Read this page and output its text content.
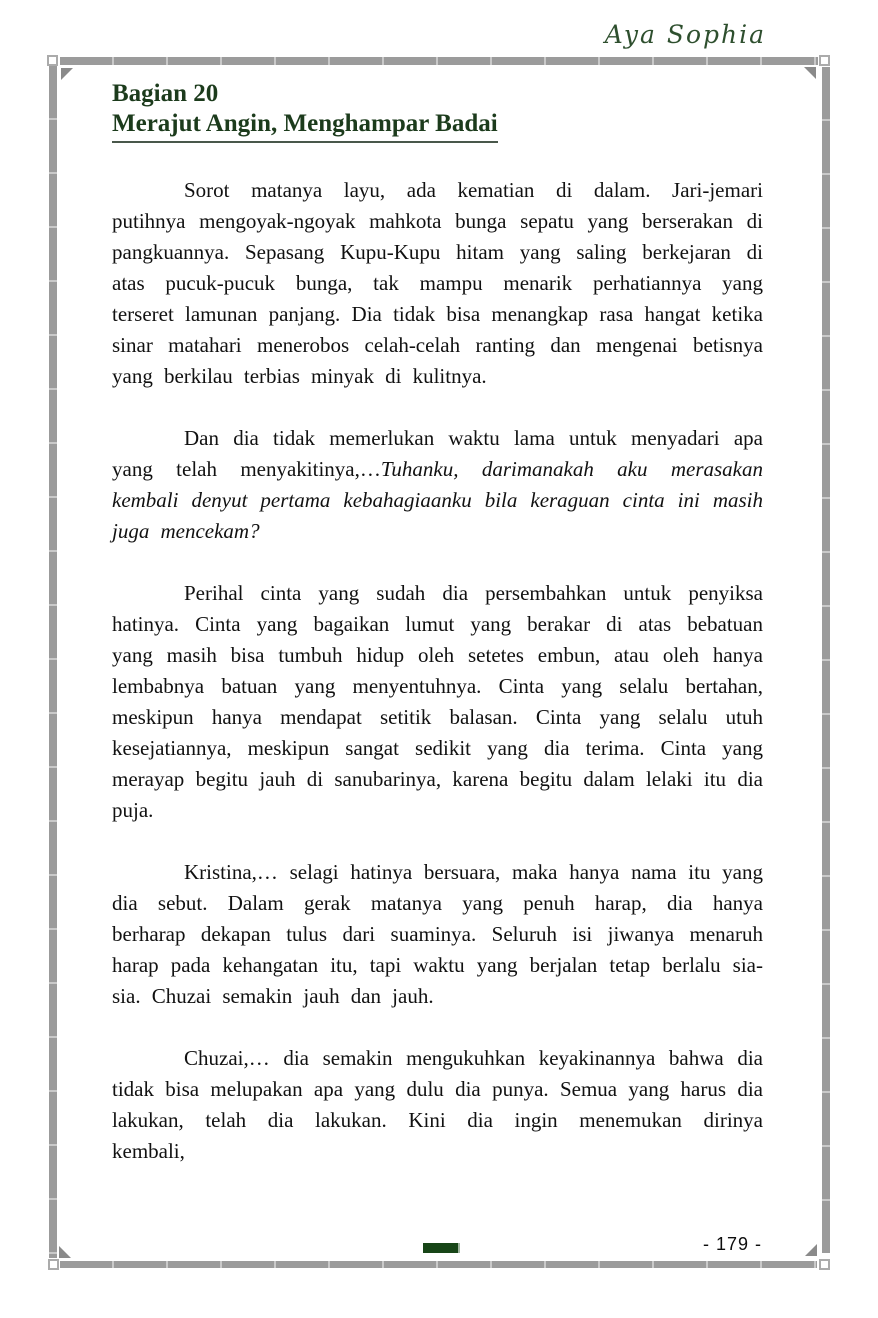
Aya Sophia
Bagian 20
Merajut Angin, Menghampar Badai

Sorot matanya layu, ada kematian di dalam. Jari-jemari putihnya mengoyak-ngoyak mahkota bunga sepatu yang berserakan di pangkuannya. Sepasang Kupu-Kupu hitam yang saling berkejaran di atas pucuk-pucuk bunga, tak mampu menarik perhatiannya yang terseret lamunan panjang. Dia tidak bisa menangkap rasa hangat ketika sinar matahari menerobos celah-celah ranting dan mengenai betisnya yang berkilau terbias minyak di kulitnya.

Dan dia tidak memerlukan waktu lama untuk menyadari apa yang telah menyakitinya,…Tuhanku, darimanakah aku merasakan kembali denyut pertama kebahagiaanku bila keraguan cinta ini masih juga mencekam?

Perihal cinta yang sudah dia persembahkan untuk penyiksa hatinya. Cinta yang bagaikan lumut yang berakar di atas bebatuan yang masih bisa tumbuh hidup oleh setetes embun, atau oleh hanya lembabnya batuan yang menyentuhnya. Cinta yang selalu bertahan, meskipun hanya mendapat setitik balasan. Cinta yang selalu utuh kesejatiannya, meskipun sangat sedikit yang dia terima. Cinta yang merayap begitu jauh di sanubarinya, karena begitu dalam lelaki itu dia puja.

Kristina,… selagi hatinya bersuara, maka hanya nama itu yang dia sebut. Dalam gerak matanya yang penuh harap, dia hanya berharap dekapan tulus dari suaminya. Seluruh isi jiwanya menaruh harap pada kehangatan itu, tapi waktu yang berjalan tetap berlalu sia-sia. Chuzai semakin jauh dan jauh.

Chuzai,… dia semakin mengukuhkan keyakinannya bahwa dia tidak bisa melupakan apa yang dulu dia punya. Semua yang harus dia lakukan, telah dia lakukan. Kini dia ingin menemukan dirinya kembali,

- 179 -
